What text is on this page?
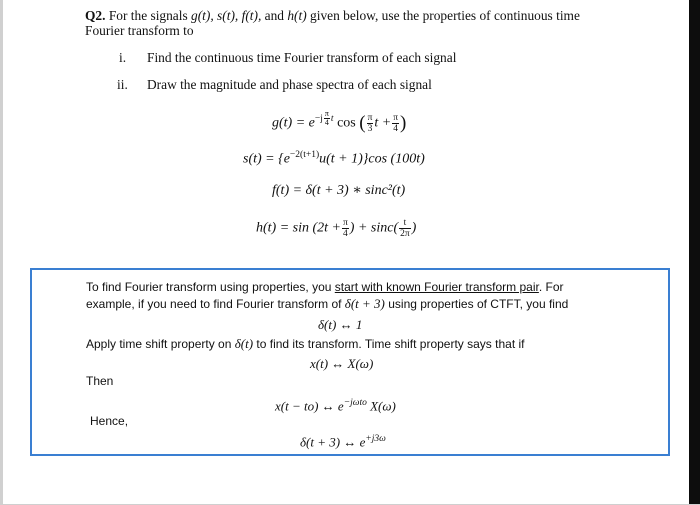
Q2. For the signals g(t), s(t), f(t), and h(t) given below, use the properties of continuous time
Fourier transform to
i. Find the continuous time Fourier transform of each signal
ii. Draw the magnitude and phase spectra of each signal
$g(t) = e^{-j \frac{\pi}{4} t}$ cos ( $\frac{\pi}{3}$ $t + \frac{\pi}{4}$ )
$s(t) = \{e^{-2(t+1)}u(t + 1)\}\cos$ (100t)
f(t) = δ(t + 3) ∗ sinc²(t)
$h(t) = \sin (2t + \frac{\pi}{4}$ ) + $\sin c( \frac{t}{2\pi}$ )
To find Fourier transform using properties, you start with known Fourier transform pair. For
example, if you need to find Fourier transform of δ(t + 3) using properties of CTFT, you find
δ(t) ↔ 1
Apply time shift property on δ(t) to find its transform. Time shift property says that if
x(t) ↔ X(ω)
Then
x(t − to) ↔ $e^{-j\omega to}$ X(ω)
Hence,
δ(t + 3) ↔ $e^{+j3\omega}$
